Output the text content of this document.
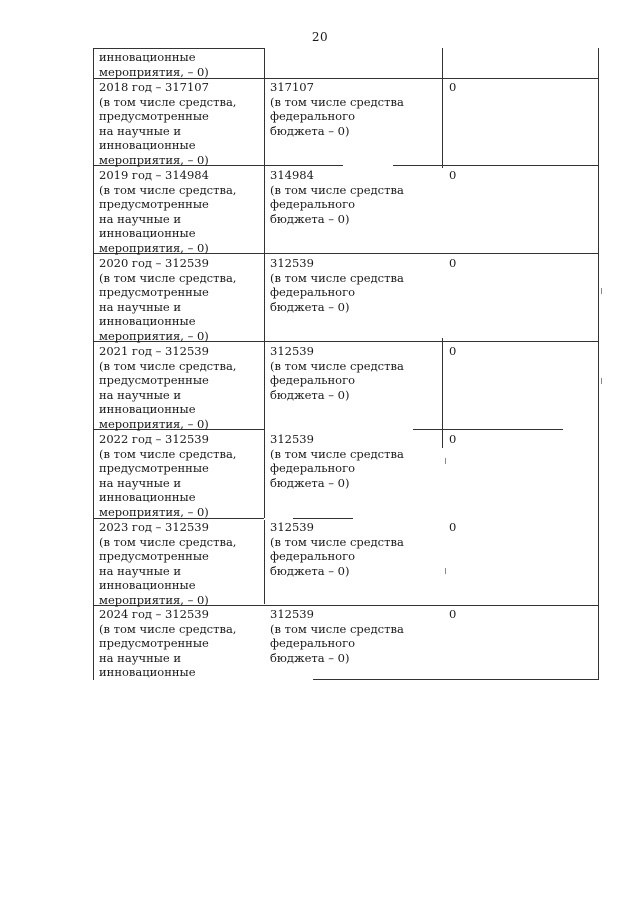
20
инновационные
мероприятия, – 0)
2018 год – 317107
(в том числе средства,
предусмотренные
на научные и
инновационные
мероприятия, – 0)
317107
(в том числе средства
федерального
бюджета – 0)
0
2019 год – 314984
(в том числе средства,
предусмотренные
на научные и
инновационные
мероприятия, – 0)
314984
(в том числе средства
федерального
бюджета – 0)
0
2020 год – 312539
(в том числе средства,
предусмотренные
на научные и
инновационные
мероприятия, – 0)
312539
(в том числе средства
федерального
бюджета – 0)
0
2021 год – 312539
(в том числе средства,
предусмотренные
на научные и
инновационные
мероприятия, – 0)
312539
(в том числе средства
федерального
бюджета – 0)
0
2022 год – 312539
(в том числе средства,
предусмотренные
на научные и
инновационные
мероприятия, – 0)
312539
(в том числе средства
федерального
бюджета – 0)
0
2023 год – 312539
(в том числе средства,
предусмотренные
на научные и
инновационные
мероприятия, – 0)
312539
(в том числе средства
федерального
бюджета – 0)
0
2024 год – 312539
(в том числе средства,
предусмотренные
на научные и
инновационные
312539
(в том числе средства
федерального
бюджета – 0)
0
